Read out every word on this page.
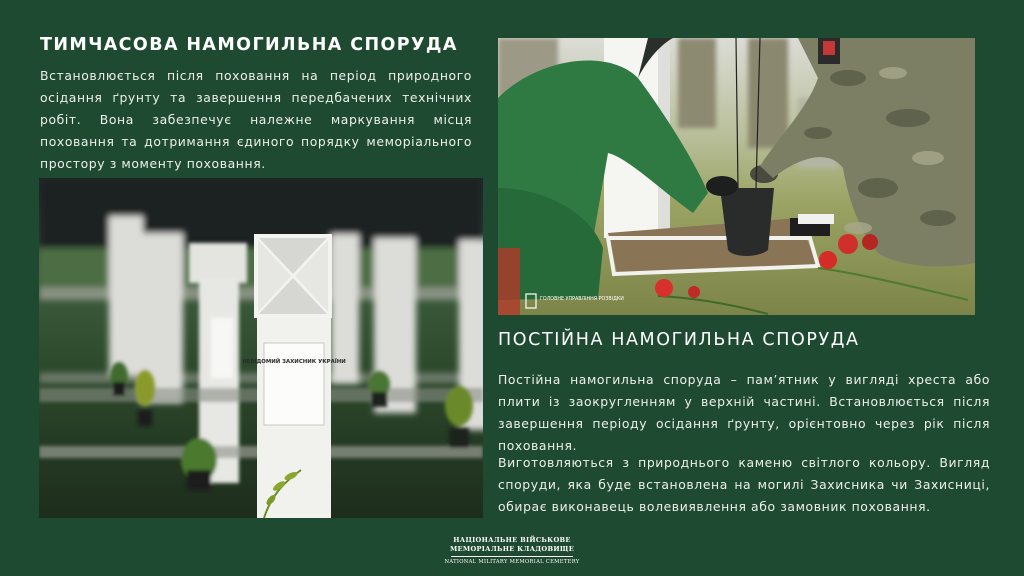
ТИМЧАСОВА НАМОГИЛЬНА СПОРУДА

Встановлюється після поховання на період природного осідання ґрунту та завершення передбачених технічних робіт. Вона забезпечує належне маркування місця поховання та дотримання єдиного порядку меморіального простору з моменту поховання.

НЕВІДОМИЙ ЗАХИСНИК УКРАЇНИ
ГОЛОВНЕ УПРАВЛІННЯ РОЗВІДКИ
ПОСТІЙНА НАМОГИЛЬНА СПОРУДА

Постійна намогильна споруда – пам’ятник у вигляді хреста або плити із заокругленням у верхній частині. Встановлюється після завершення періоду осідання ґрунту, орієнтовно через рік після поховання.

Виготовляються з природнього каменю світлого кольору. Вигляд споруди, яка буде встановлена на могилі Захисника чи Захисниці, обирає виконавець волевиявлення або замовник поховання.

НАЦІОНАЛЬНЕ ВІЙСЬКОВЕ
МЕМОРІАЛЬНЕ КЛАДОВИЩЕ
NATIONAL MILITARY MEMORIAL CEMETERY
